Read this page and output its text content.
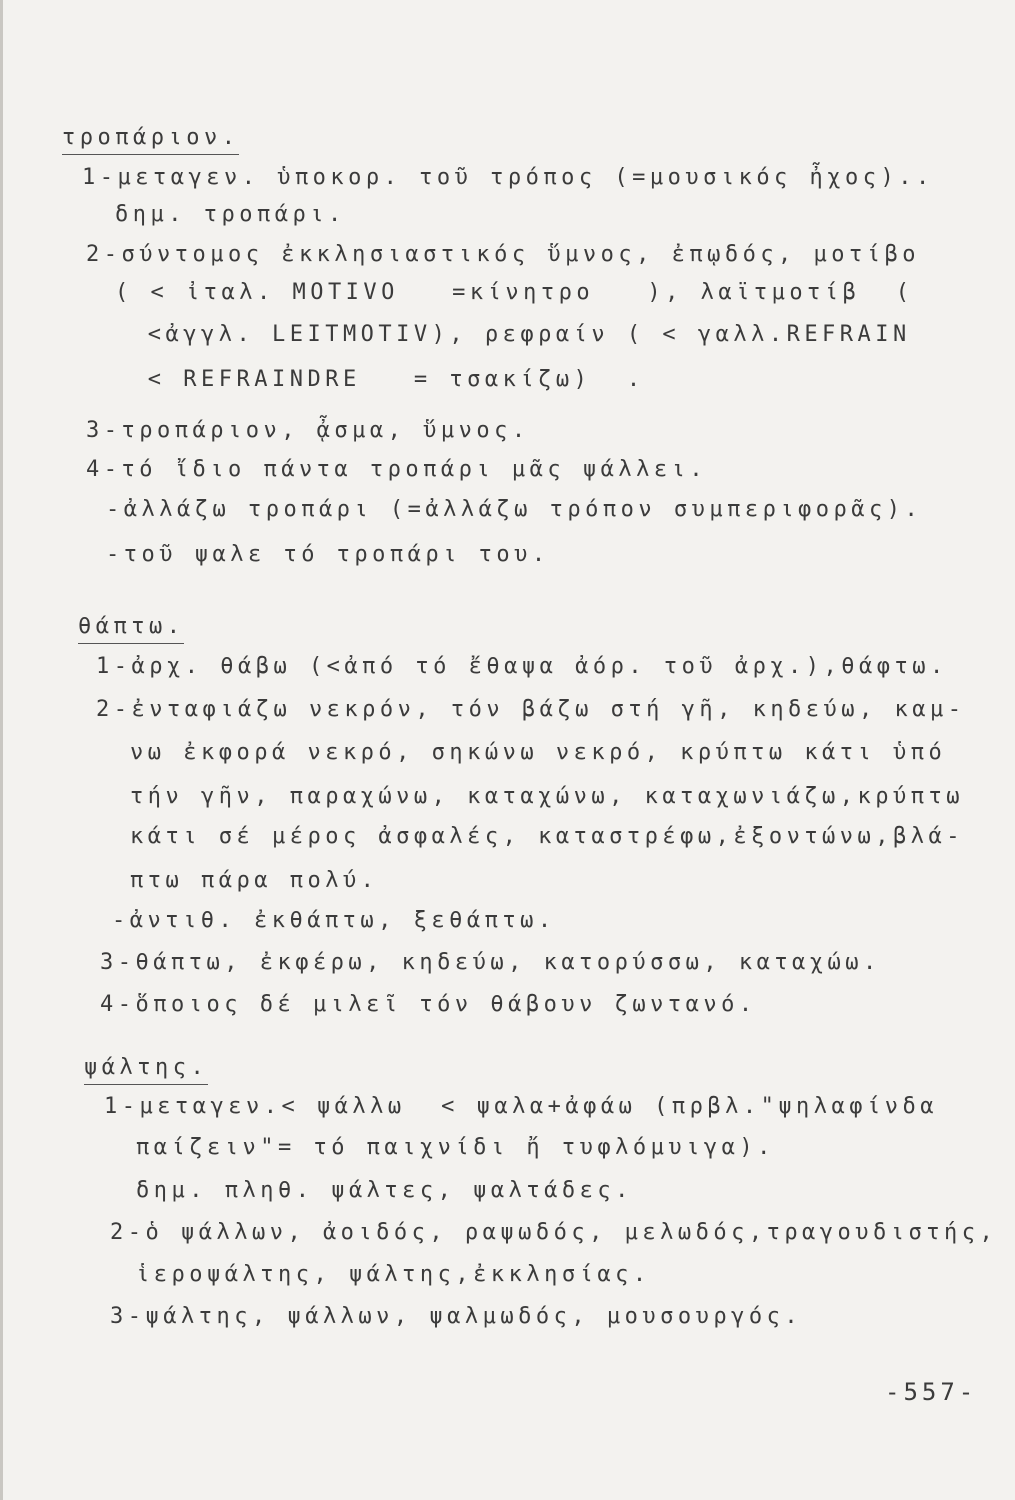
τροπάριον.
1-μεταγεν. ὑποκορ. τοῦ τρόπος (=μουσικός ἦχος)..
δημ. τροπάρι.
2-σύντομος ἐκκλησιαστικός ὕμνος, ἐπῳδός, μοτίβο
( < ἰταλ. MOTIVO   =κίνητρο   ), λαϊτμοτίβ  (
<ἀγγλ. LEITMOTIV), ρεφραίν ( < γαλλ.REFRAIN
< REFRAINDRE   = τσακίζω)  .
3-τροπάριον, ᾆσμα, ὕμνος.
4-τό ἴδιο πάντα τροπάρι μᾶς ψάλλει.
-ἀλλάζω τροπάρι (=ἀλλάζω τρόπον συμπεριφορᾶς).
-τοῦ ψαλε τό τροπάρι του.
θάπτω.
1-ἀρχ. θάβω (<ἀπό τό ἔθαψα ἀόρ. τοῦ ἀρχ.),θάφτω.
2-ἐνταφιάζω νεκρόν, τόν βάζω στή γῆ, κηδεύω, καμ-
νω ἐκφορά νεκρό, σηκώνω νεκρό, κρύπτω κάτι ὑπό
τήν γῆν, παραχώνω, καταχώνω, καταχωνιάζω,κρύπτω
κάτι σέ μέρος ἀσφαλές, καταστρέφω,ἐξοντώνω,βλά-
πτω πάρα πολύ.
-ἀντιθ. ἐκθάπτω, ξεθάπτω.
3-θάπτω, ἐκφέρω, κηδεύω, κατορύσσω, καταχώω.
4-ὅποιος δέ μιλεῖ τόν θάβουν ζωντανό.
ψάλτης.
1-μεταγεν.< ψάλλω  < ψαλα+ἀφάω (πρβλ."ψηλαφίνδα
παίζειν"= τό παιχνίδι ἤ τυφλόμυιγα).
δημ. πληθ. ψάλτες, ψαλτάδες.
2-ὁ ψάλλων, ἀοιδός, ραψωδός, μελωδός,τραγουδιστής,
ἱεροψάλτης, ψάλτης,ἐκκλησίας.
3-ψάλτης, ψάλλων, ψαλμωδός, μουσουργός.
-557-
